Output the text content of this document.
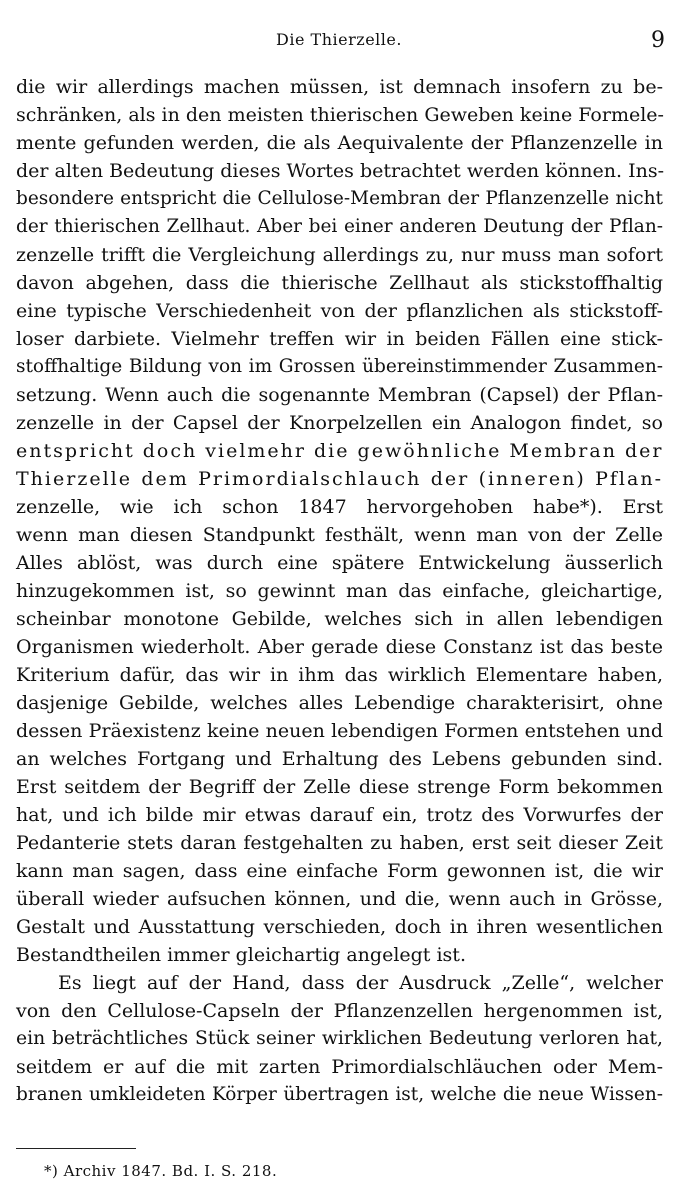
Die Thierzelle.	9
die wir allerdings machen müssen, ist demnach insofern zu be-
schränken, als in den meisten thierischen Geweben keine Formele-
mente gefunden werden, die als Aequivalente der Pflanzenzelle in
der alten Bedeutung dieses Wortes betrachtet werden können. Ins-
besondere entspricht die Cellulose-Membran der Pflanzenzelle nicht
der thierischen Zellhaut. Aber bei einer anderen Deutung der Pflan-
zenzelle trifft die Vergleichung allerdings zu, nur muss man sofort
davon abgehen, dass die thierische Zellhaut als stickstoffhaltig
eine typische Verschiedenheit von der pflanzlichen als stickstoff-
loser darbiete. Vielmehr treffen wir in beiden Fällen eine stick-
stoffhaltige Bildung von im Grossen übereinstimmender Zusammen-
setzung. Wenn auch die sogenannte Membran (Capsel) der Pflan-
zenzelle in der Capsel der Knorpelzellen ein Analogon findet, so
entspricht doch vielmehr die gewöhnliche Membran der
Thierzelle dem Primordialschlauch der (inneren) Pflan-
zenzelle, wie ich schon 1847 hervorgehoben habe*). Erst
wenn man diesen Standpunkt festhält, wenn man von der Zelle
Alles ablöst, was durch eine spätere Entwickelung äusserlich
hinzugekommen ist, so gewinnt man das einfache, gleichartige,
scheinbar monotone Gebilde, welches sich in allen lebendigen
Organismen wiederholt. Aber gerade diese Constanz ist das beste
Kriterium dafür, das wir in ihm das wirklich Elementare haben,
dasjenige Gebilde, welches alles Lebendige charakterisirt, ohne
dessen Präexistenz keine neuen lebendigen Formen entstehen und
an welches Fortgang und Erhaltung des Lebens gebunden sind.
Erst seitdem der Begriff der Zelle diese strenge Form bekommen
hat, und ich bilde mir etwas darauf ein, trotz des Vorwurfes der
Pedanterie stets daran festgehalten zu haben, erst seit dieser Zeit
kann man sagen, dass eine einfache Form gewonnen ist, die wir
überall wieder aufsuchen können, und die, wenn auch in Grösse,
Gestalt und Ausstattung verschieden, doch in ihren wesentlichen
Bestandtheilen immer gleichartig angelegt ist.
Es liegt auf der Hand, dass der Ausdruck „Zelle“, welcher
von den Cellulose-Capseln der Pflanzenzellen hergenommen ist,
ein beträchtliches Stück seiner wirklichen Bedeutung verloren hat,
seitdem er auf die mit zarten Primordialschläuchen oder Mem-
branen umkleideten Körper übertragen ist, welche die neue Wissen-
*) Archiv 1847. Bd. I. S. 218.
